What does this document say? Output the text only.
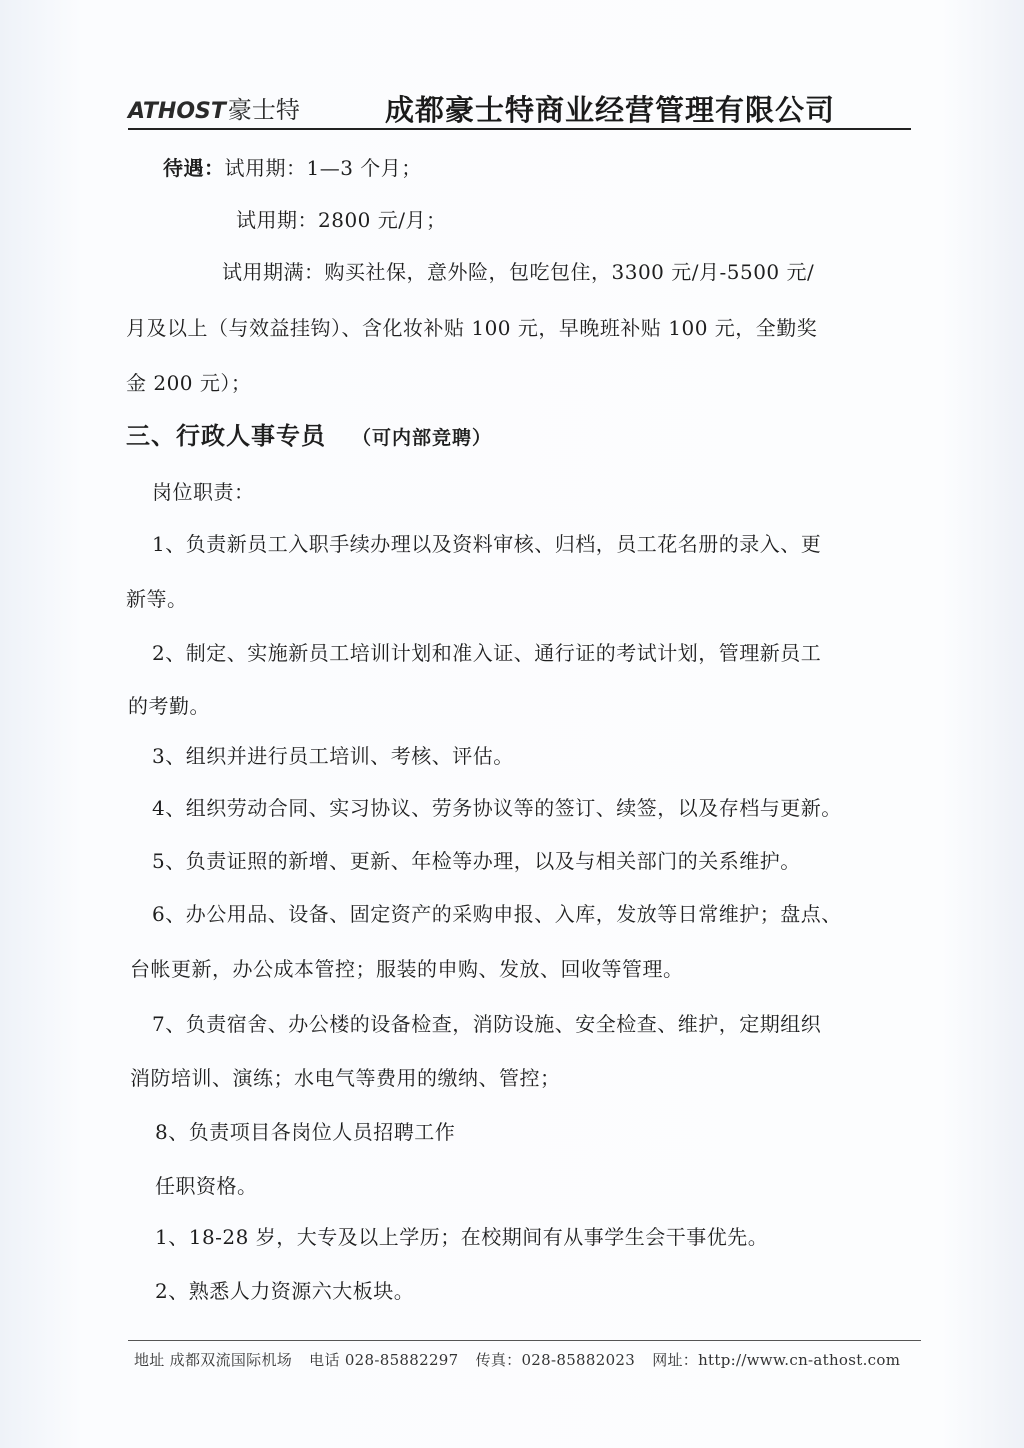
ATHOST 豪士特	成都豪士特商业经营管理有限公司
待遇：试用期：1—3 个月；
试用期：2800 元/月；
试用期满：购买社保，意外险，包吃包住，3300 元/月-5500 元/
月及以上（与效益挂钩）、含化妆补贴 100 元，早晚班补贴 100 元，全勤奖
金 200 元）；
三、行政人事专员 （可内部竞聘）
岗位职责：
1、负责新员工入职手续办理以及资料审核、归档，员工花名册的录入、更
新等。
2、制定、实施新员工培训计划和准入证、通行证的考试计划，管理新员工
的考勤。
3、组织并进行员工培训、考核、评估。
4、组织劳动合同、实习协议、劳务协议等的签订、续签，以及存档与更新。
5、负责证照的新增、更新、年检等办理，以及与相关部门的关系维护。
6、办公用品、设备、固定资产的采购申报、入库，发放等日常维护；盘点、
台帐更新，办公成本管控；服装的申购、发放、回收等管理。
7、负责宿舍、办公楼的设备检查，消防设施、安全检查、维护，定期组织
消防培训、演练；水电气等费用的缴纳、管控；
8、负责项目各岗位人员招聘工作
任职资格。
1、18-28 岁，大专及以上学历；在校期间有从事学生会干事优先。
2、熟悉人力资源六大板块。
地址 成都双流国际机场 电话 028-85882297 传真：028-85882023 网址：http://www.cn-athost.com
